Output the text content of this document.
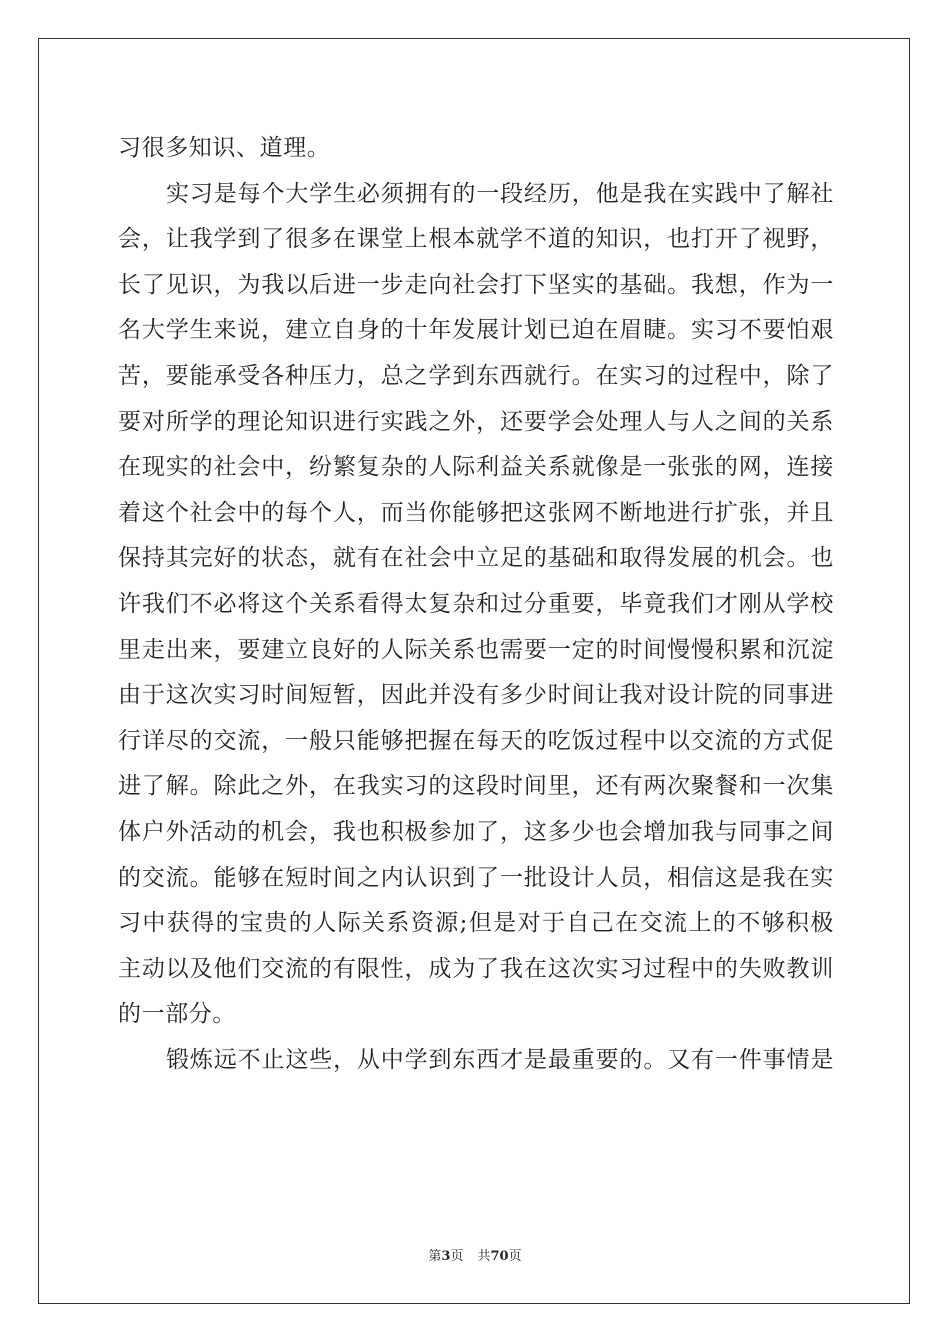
习很多知识、道理。
实习是每个大学生必须拥有的一段经历，他是我在实践中了解社
会，让我学到了很多在课堂上根本就学不道的知识，也打开了视野，
长了见识，为我以后进一步走向社会打下坚实的基础。我想，作为一
名大学生来说，建立自身的十年发展计划已迫在眉睫。实习不要怕艰
苦，要能承受各种压力，总之学到东西就行。在实习的过程中，除了
要对所学的理论知识进行实践之外，还要学会处理人与人之间的关系
在现实的社会中，纷繁复杂的人际利益关系就像是一张张的网，连接
着这个社会中的每个人，而当你能够把这张网不断地进行扩张，并且
保持其完好的状态，就有在社会中立足的基础和取得发展的机会。也
许我们不必将这个关系看得太复杂和过分重要，毕竟我们才刚从学校
里走出来，要建立良好的人际关系也需要一定的时间慢慢积累和沉淀
由于这次实习时间短暂，因此并没有多少时间让我对设计院的同事进
行详尽的交流，一般只能够把握在每天的吃饭过程中以交流的方式促
进了解。除此之外，在我实习的这段时间里，还有两次聚餐和一次集
体户外活动的机会，我也积极参加了，这多少也会增加我与同事之间
的交流。能够在短时间之内认识到了一批设计人员，相信这是我在实
习中获得的宝贵的人际关系资源;但是对于自己在交流上的不够积极
主动以及他们交流的有限性，成为了我在这次实习过程中的失败教训
的一部分。
锻炼远不止这些，从中学到东西才是最重要的。又有一件事情是
第3页 共70页
